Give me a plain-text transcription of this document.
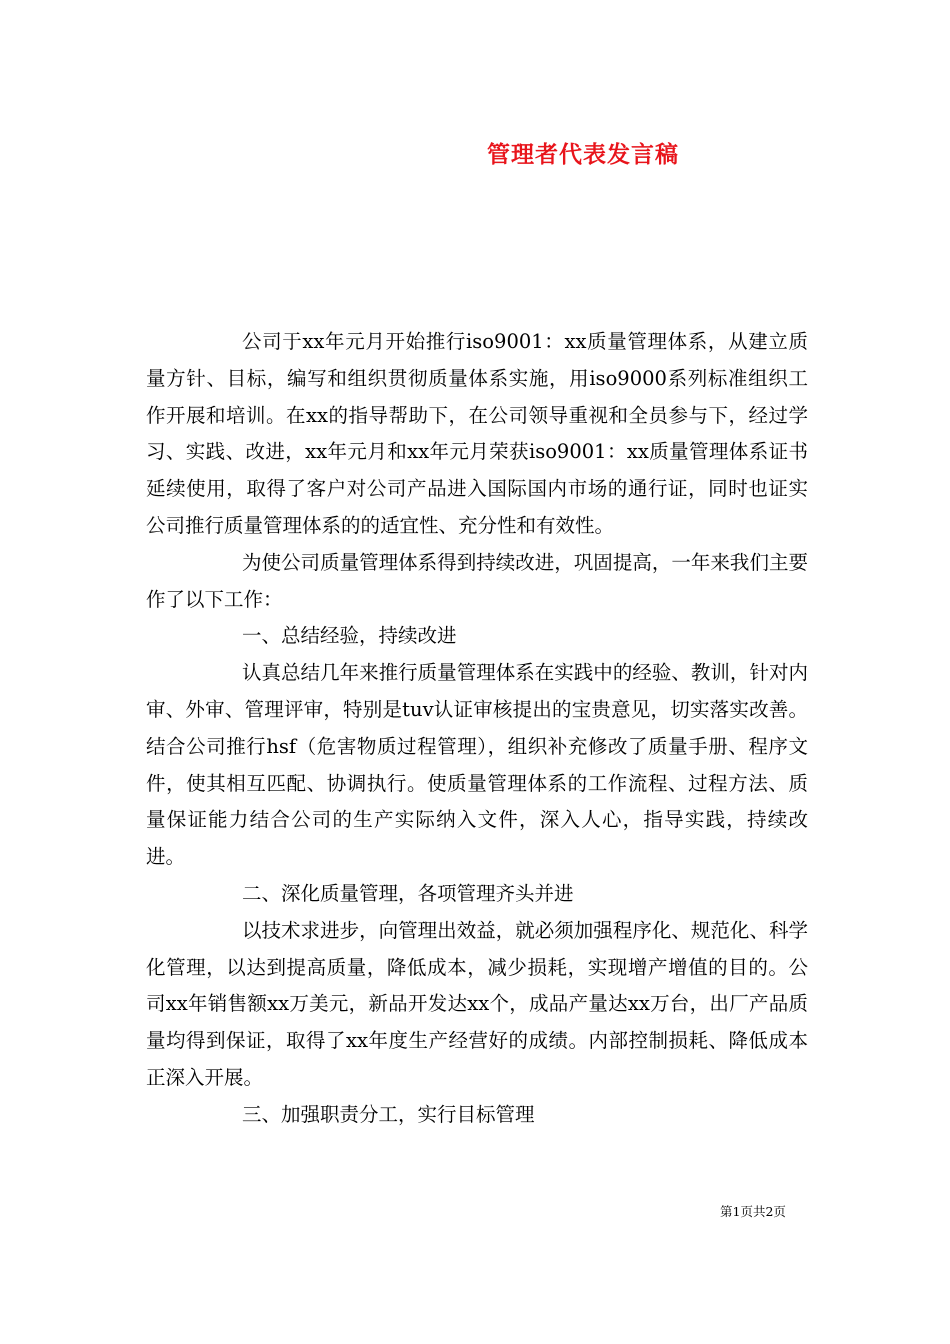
管理者代表发言稿

公司于xx年元月开始推行iso9001：xx质量管理体系，从建立质量方针、目标，编写和组织贯彻质量体系实施，用iso9000系列标准组织工作开展和培训。在xx的指导帮助下，在公司领导重视和全员参与下，经过学习、实践、改进，xx年元月和xx年元月荣获iso9001：xx质量管理体系证书延续使用，取得了客户对公司产品进入国际国内市场的通行证，同时也证实公司推行质量管理体系的的适宜性、充分性和有效性。

为使公司质量管理体系得到持续改进，巩固提高，一年来我们主要作了以下工作：

一、总结经验，持续改进

认真总结几年来推行质量管理体系在实践中的经验、教训，针对内审、外审、管理评审，特别是tuv认证审核提出的宝贵意见，切实落实改善。结合公司推行hsf（危害物质过程管理），组织补充修改了质量手册、程序文件，使其相互匹配、协调执行。使质量管理体系的工作流程、过程方法、质量保证能力结合公司的生产实际纳入文件，深入人心，指导实践，持续改进。

二、深化质量管理，各项管理齐头并进

以技术求进步，向管理出效益，就必须加强程序化、规范化、科学化管理，以达到提高质量，降低成本，减少损耗，实现增产增值的目的。公司xx年销售额xx万美元，新品开发达xx个，成品产量达xx万台，出厂产品质量均得到保证，取得了xx年度生产经营好的成绩。内部控制损耗、降低成本正深入开展。

三、加强职责分工，实行目标管理

第1页共2页
